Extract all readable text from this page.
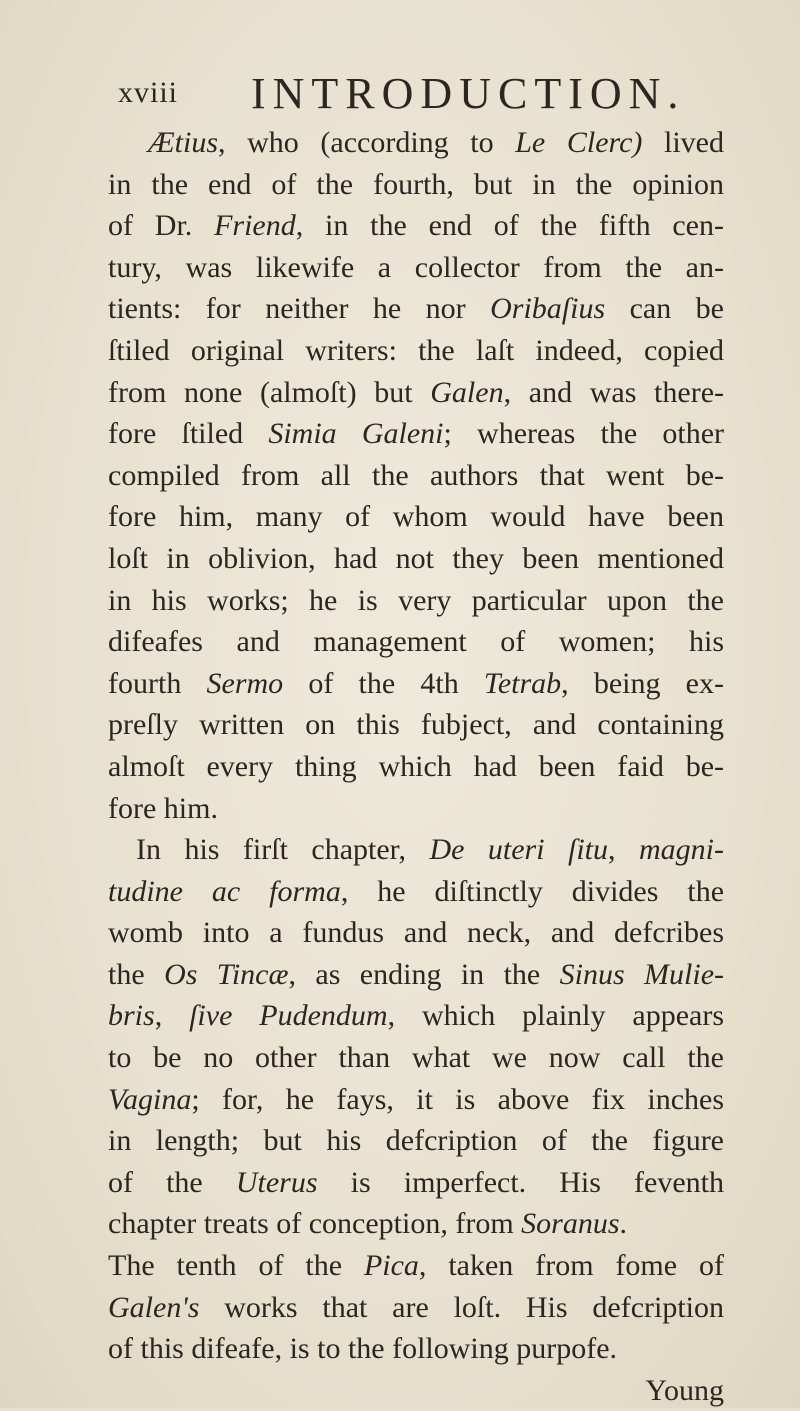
xviii INTRODUCTION.
Ætius, who (according to Le Clerc) lived
in the end of the fourth, but in the opinion
of Dr. Friend, in the end of the fifth cen-
tury, was likewife a collector from the an-
tients: for neither he nor Oribaſius can be
ſtiled original writers: the laſt indeed, copied
from none (almoſt) but Galen, and was there-
fore ſtiled Simia Galeni; whereas the other
compiled from all the authors that went be-
fore him, many of whom would have been
loſt in oblivion, had not they been mentioned
in his works; he is very particular upon the
difeafes and management of women; his
fourth Sermo of the 4th Tetrab, being ex-
preſly written on this fubject, and containing
almoſt every thing which had been faid be-
fore him.
In his firſt chapter, De uteri ſitu, magni-
tudine ac forma, he diſtinctly divides the
womb into a fundus and neck, and defcribes
the Os Tincæ, as ending in the Sinus Mulie-
bris, ſive Pudendum, which plainly appears
to be no other than what we now call the
Vagina; for, he fays, it is above fix inches
in length; but his defcription of the figure
of the Uterus is imperfect. His feventh
chapter treats of conception, from Soranus.
The tenth of the Pica, taken from fome of
Galen's works that are loſt. His defcription
of this difeafe, is to the following purpofe.
Young
